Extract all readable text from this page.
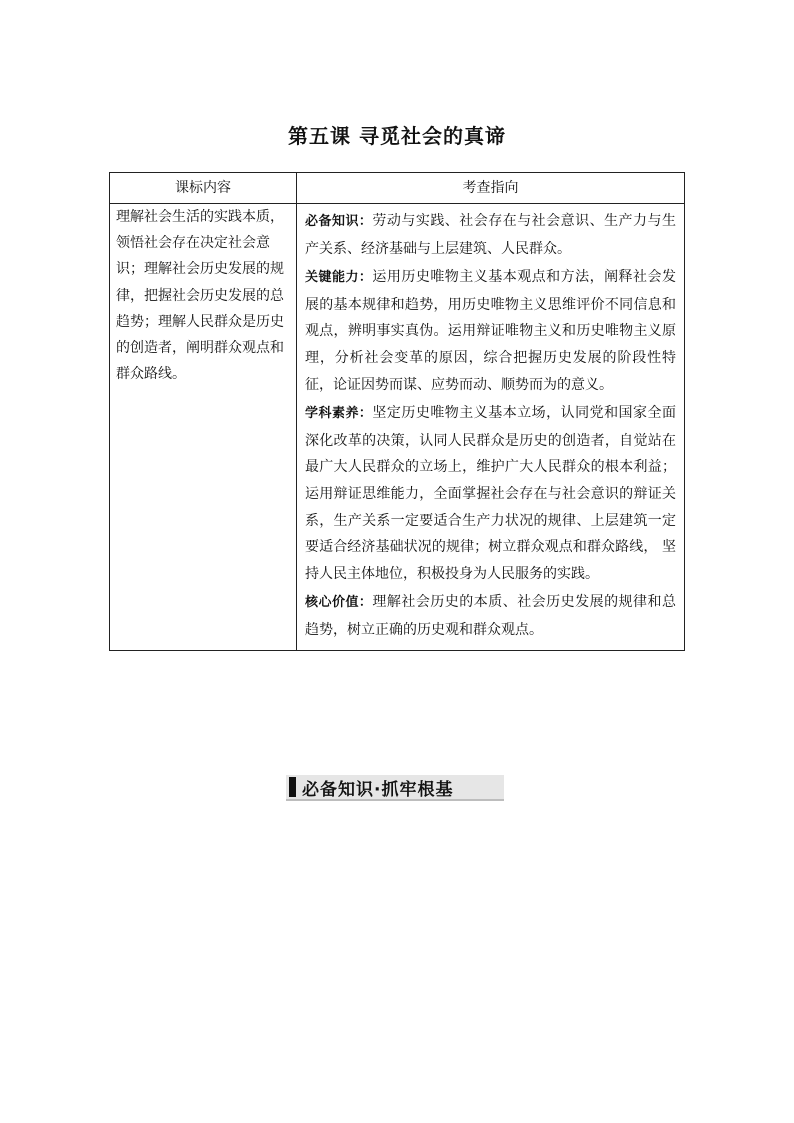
第五课 寻觅社会的真谛
课标内容	考查指向
理解社会生活的实践本质，领悟社会存在决定社会意识；理解社会历史发展的规律，把握社会历史发展的总趋势；理解人民群众是历史的创造者，阐明群众观点和群众路线。	必备知识：劳动与实践、社会存在与社会意识、生产力与生产关系、经济基础与上层建筑、人民群众。

关键能力：运用历史唯物主义基本观点和方法，阐释社会发展的基本规律和趋势，用历史唯物主义思维评价不同信息和观点，辨明事实真伪。运用辩证唯物主义和历史唯物主义原理，分析社会变革的原因，综合把握历史发展的阶段性特征，论证因势而谋、应势而动、顺势而为的意义。

学科素养：坚定历史唯物主义基本立场，认同党和国家全面深化改革的决策，认同人民群众是历史的创造者，自觉站在最广大人民群众的立场上，维护广大人民群众的根本利益；运用辩证思维能力，全面掌握社会存在与社会意识的辩证关系，生产关系一定要适合生产力状况的规律、上层建筑一定要适合经济基础状况的规律；树立群众观点和群众路线， 坚持人民主体地位，积极投身为人民服务的实践。

核心价值：理解社会历史的本质、社会历史发展的规律和总趋势，树立正确的历史观和群众观点。

必备知识·抓牢根基
